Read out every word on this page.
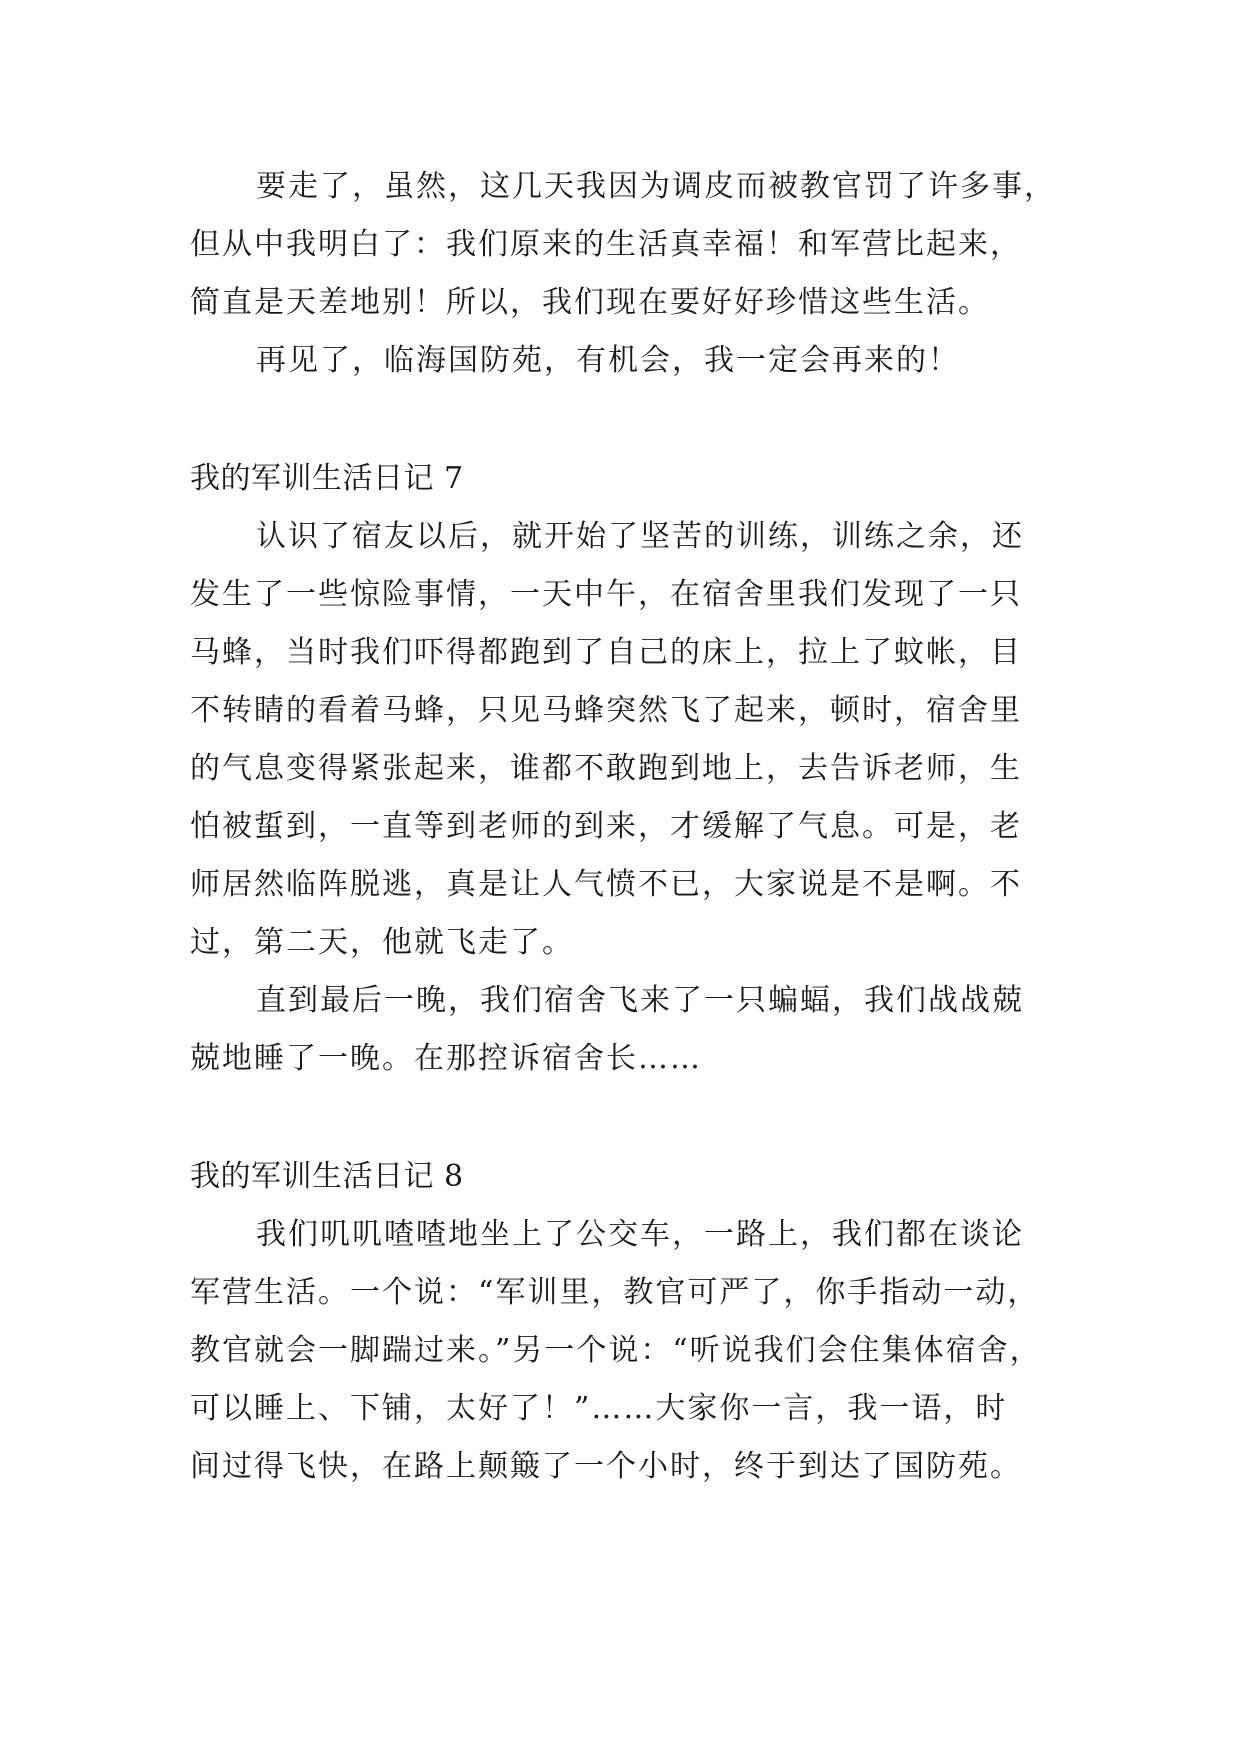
要走了，虽然，这几天我因为调皮而被教官罚了许多事，
但从中我明白了：我们原来的生活真幸福！和军营比起来，
简直是天差地别！所以，我们现在要好好珍惜这些生活。
再见了，临海国防苑，有机会，我一定会再来的！
我的军训生活日记 7
认识了宿友以后，就开始了坚苦的训练，训练之余，还
发生了一些惊险事情，一天中午，在宿舍里我们发现了一只
马蜂，当时我们吓得都跑到了自己的床上，拉上了蚊帐，目
不转睛的看着马蜂，只见马蜂突然飞了起来，顿时，宿舍里
的气息变得紧张起来，谁都不敢跑到地上，去告诉老师，生
怕被蜇到，一直等到老师的到来，才缓解了气息。可是，老
师居然临阵脱逃，真是让人气愤不已，大家说是不是啊。不
过，第二天，他就飞走了。
直到最后一晚，我们宿舍飞来了一只蝙蝠，我们战战兢
兢地睡了一晚。在那控诉宿舍长……
我的军训生活日记 8
我们叽叽喳喳地坐上了公交车，一路上，我们都在谈论
军营生活。一个说：“军训里，教官可严了，你手指动一动，
教官就会一脚踹过来。”另一个说：“听说我们会住集体宿舍，
可以睡上、下铺，太好了！”……大家你一言，我一语，时
间过得飞快，在路上颠簸了一个小时，终于到达了国防苑。
